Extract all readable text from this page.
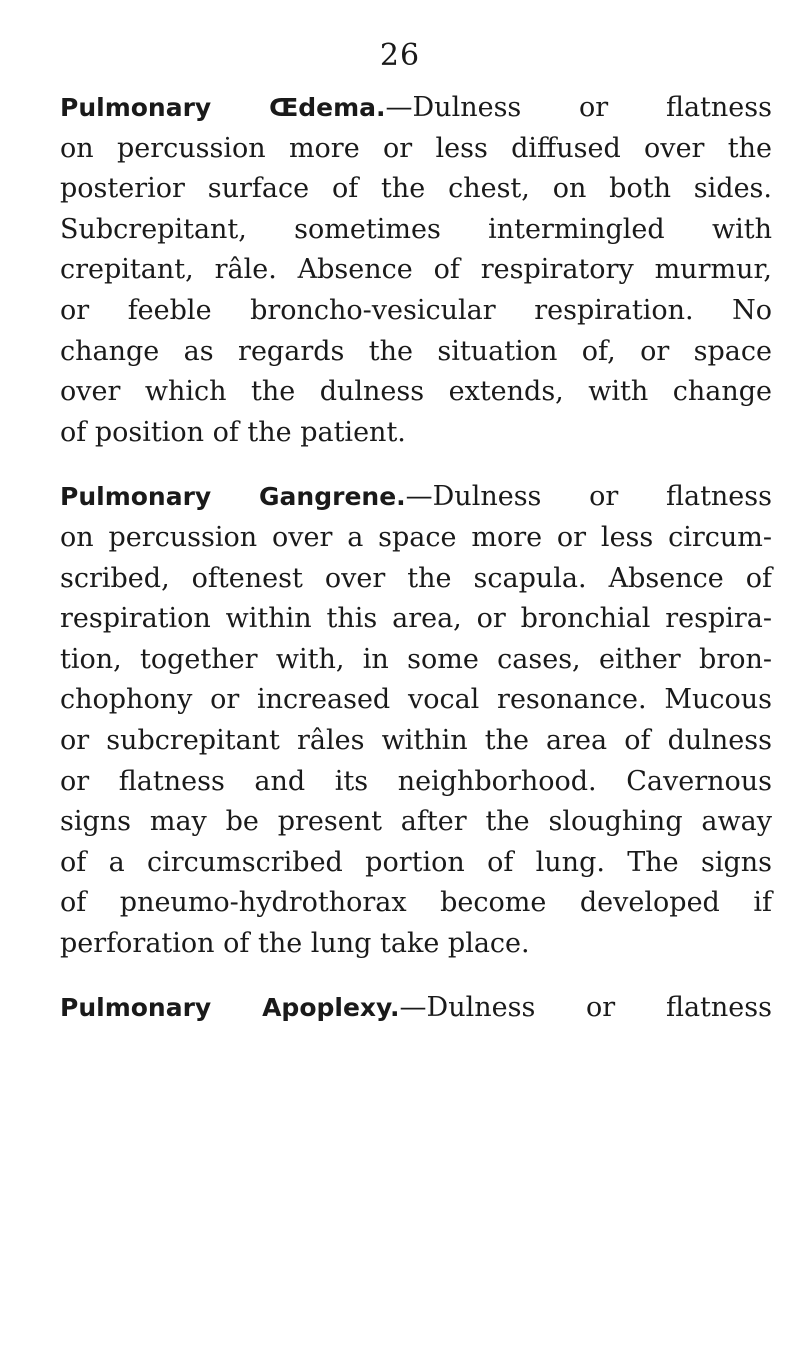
26
Pulmonary Œdema.—Dulness or flatness
on percussion more or less diffused over the
posterior surface of the chest, on both sides.
Subcrepitant, sometimes intermingled with
crepitant, râle. Absence of respiratory murmur,
or feeble broncho-vesicular respiration. No
change as regards the situation of, or space
over which the dulness extends, with change
of position of the patient.
Pulmonary Gangrene.—Dulness or flatness
on percussion over a space more or less circum-
scribed, oftenest over the scapula. Absence of
respiration within this area, or bronchial respira-
tion, together with, in some cases, either bron-
chophony or increased vocal resonance. Mucous
or subcrepitant râles within the area of dulness
or flatness and its neighborhood. Cavernous
signs may be present after the sloughing away
of a circumscribed portion of lung. The signs
of pneumo-hydrothorax become developed if
perforation of the lung take place.
Pulmonary Apoplexy.—Dulness or flatness
